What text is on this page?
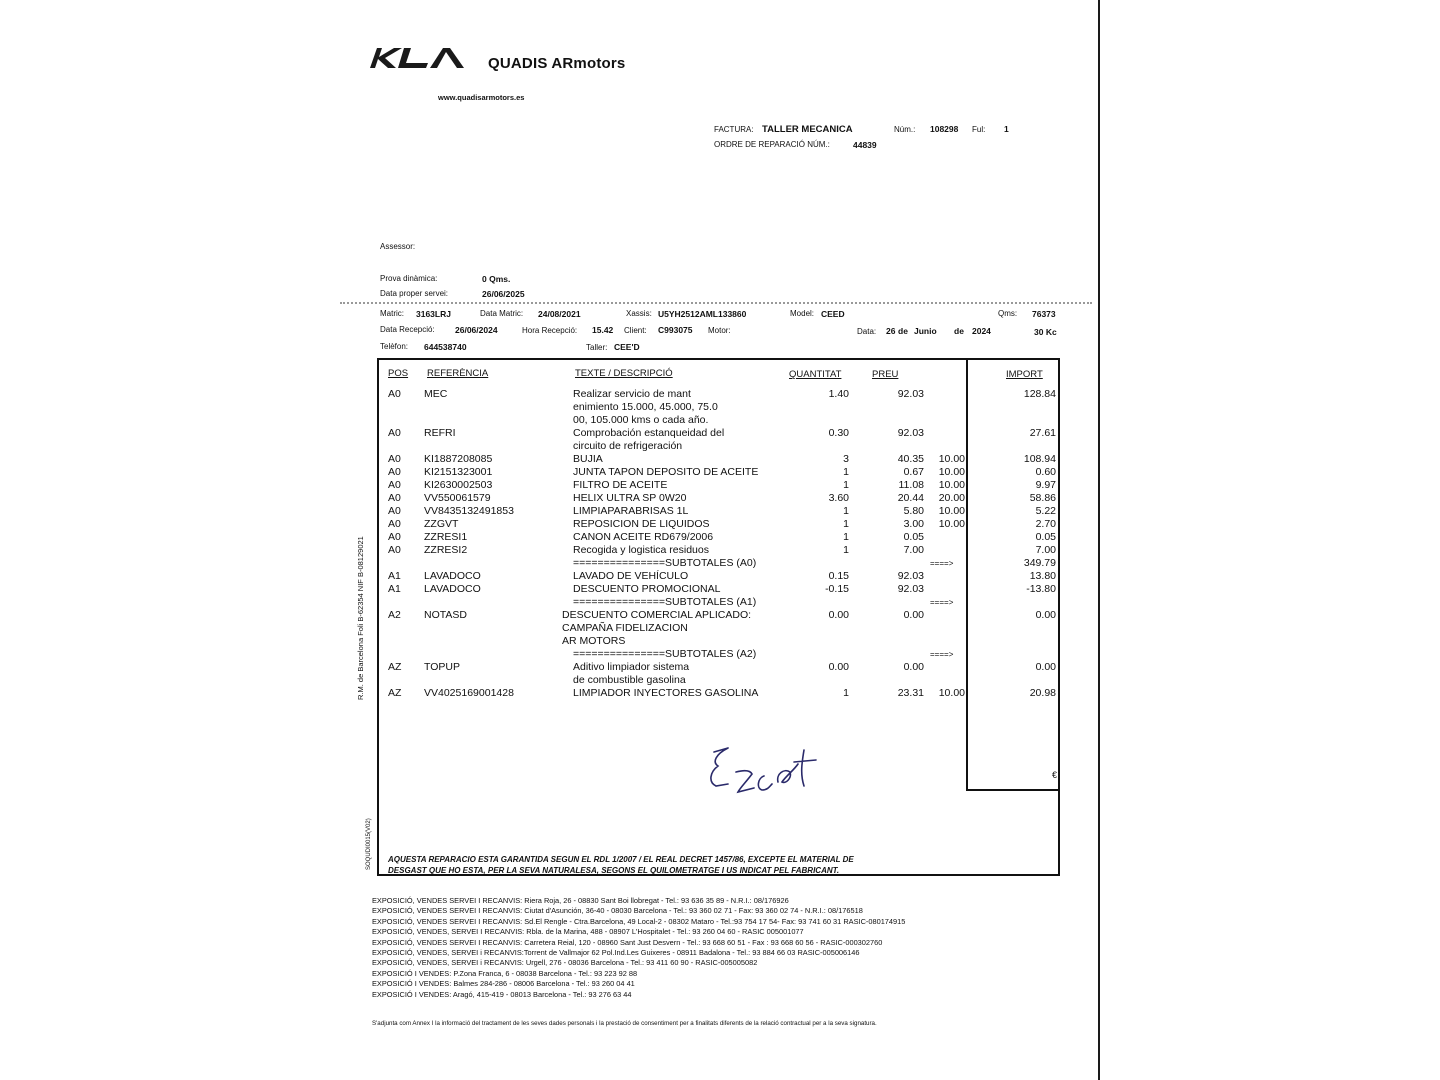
QUADIS ARmotors
www.quadisarmotors.es
FACTURA: TALLER MECANICA	Núm.: 108298 Ful: 1
ORDRE DE REPARACIÓ NÚM.:	44839
Assessor:
Prova dinàmica:	0 Qms.
Data proper servei:	26/06/2025
Matric: 3163LRJ	Data Matric: 24/08/2021	Xassis: U5YH2512AML133860	Model: CEED	Qms: 76373
Data Recepció: 26/06/2024	Hora Recepció: 15.42 Client: C993075 Motor:	Data: 26 de Junio de 2024	30 Kc
Telèfon: 644538740	Taller: CEE'D
POS REFERÈNCIA	TEXTE / DESCRIPCIÓ	QUANTITAT	PREU	IMPORT
A0 MEC	Realizar servicio de mant	1.40	92.03	128.84
enimiento 15.000, 45.000, 75.0
00, 105.000 kms o cada año.
A0 REFRI	Comprobación estanqueidad del	0.30	92.03	27.61
circuito de refrigeración
A0 KI1887208085	BUJIA	3	40.35 10.00	108.94
A0 KI2151323001	JUNTA TAPON DEPOSITO DE ACEITE	1	0.67 10.00	0.60
A0 KI2630002503	FILTRO DE ACEITE	1	11.08 10.00	9.97
A0 VV550061579	HELIX ULTRA SP 0W20	3.60	20.44 20.00	58.86
A0 VV8435132491853	LIMPIAPARABRISAS 1L	1	5.80 10.00	5.22
A0 ZZGVT	REPOSICION DE LIQUIDOS	1	3.00 10.00	2.70
A0 ZZRESI1	CANON ACEITE RD679/2006	1	0.05	0.05
A0 ZZRESI2	Recogida y logistica residuos	1	7.00	7.00
===============SUBTOTALES (A0)	====>	349.79
A1 LAVADOCO	LAVADO DE VEHÍCULO	0.15	92.03	13.80
A1 LAVADOCO	DESCUENTO PROMOCIONAL	-0.15	92.03	-13.80
===============SUBTOTALES (A1)	====>
A2 NOTASD	DESCUENTO COMERCIAL APLICADO:	0.00	0.00	0.00
CAMPAÑA FIDELIZACION
AR MOTORS
===============SUBTOTALES (A2)	====>
AZ TOPUP	Aditivo limpiador sistema	0.00	0.00	0.00
de combustible gasolina
AZ VV4025169001428	LIMPIADOR INYECTORES GASOLINA	1	23.31 10.00	20.98
€
R.M. de Barcelona Foli B-62354 NIF B-08129021
SOQUDI0015(V02) AQUESTA REPARACIO ESTA GARANTIDA SEGUN EL RDL 1/2007 / EL REAL DECRET 1457/86, EXCEPTE EL MATERIAL DE
DESGAST QUE HO ESTA, PER LA SEVA NATURALESA, SEGONS EL QUILOMETRATGE I US INDICAT PEL FABRICANT.
EXPOSICIÓ, VENDES SERVEI I RECANVIS: Riera Roja, 26 - 08830 Sant Boi llobregat - Tel.: 93 636 35 89 - N.R.I.: 08/176926
EXPOSICIÓ, VENDES SERVEI I RECANVIS: Ciutat d'Asunción, 36-40 - 08030 Barcelona - Tel.: 93 360 02 71 - Fax: 93 360 02 74 - N.R.I.: 08/176518
EXPOSICIÓ, VENDES SERVEI I RECANVIS: Sd.El Rengle - Ctra.Barcelona, 49 Local-2 - 08302 Mataro - Tel.:93 754 17 54- Fax: 93 741 60 31 RASIC-080174915
EXPOSICIÓ, VENDES, SERVEI I RECANVIS: Rbla. de la Marina, 488 - 08907 L'Hospitalet - Tel.: 93 260 04 60 - RASIC 005001077
EXPOSICIÓ, VENDES SERVEI I RECANVIS: Carretera Reial, 120 - 08960 Sant Just Desvern - Tel.: 93 668 60 51 - Fax : 93 668 60 56 - RASIC-000302760
EXPOSICIÓ, VENDES, SERVEI i RECANVIS:Torrent de Vallmajor 62 Pol.Ind.Les Guixeres - 08911 Badalona - Tel.: 93 884 66 03 RASIC-005006146
EXPOSICIÓ, VENDES, SERVEI i RECANVIS: Urgell, 276 - 08036 Barcelona - Tel.: 93 411 60 90 - RASIC-005005082
EXPOSICIÓ I VENDES: P.Zona Franca, 6 - 08038 Barcelona - Tel.: 93 223 92 88
EXPOSICIÓ I VENDES: Balmes 284-286 - 08006 Barcelona - Tel.: 93 260 04 41
EXPOSICIÓ I VENDES: Aragó, 415-419 - 08013 Barcelona - Tel.: 93 276 63 44
S'adjunta com Annex I la informació del tractament de les seves dades personals i la prestació de consentiment per a finalitats diferents de la relació contractual per a la seva signatura.
